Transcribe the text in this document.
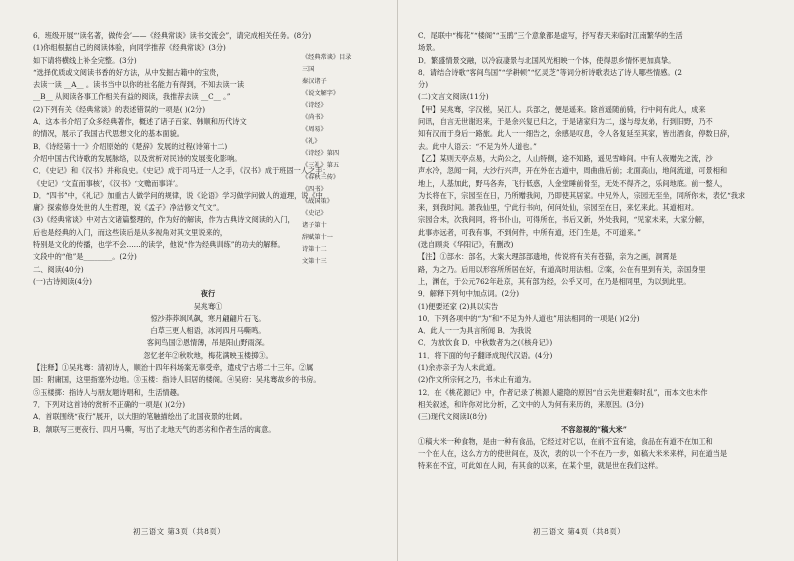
6．班级开展“‘读名著，做传会’——《经典常谈》读书交流会”，请完成相关任务。(8分)
(1)你组根据自己的阅读体验，向同学推荐《经典常谈》(3分)
如下请将横线上补全完整。(3分)
“选择优质或文阅读书香的好方法，从中发掘古籍中的宝贵，
去读一读 __A__ 。读书当中以你的社名能力有得到，不知去读一读
__B__ 从阅读各事工作相关有益的阅读，我推荐去读 __C__ 。”
(2)下列有关《经典常谈》的表述错误的一项是( )(2分)
A．这本书介绍了众多经典著作，概述了诸子百家、韩顺和历代诗文
的情况，展示了我国古代思想文化的基本面貌。
B．《诗经第十一》介绍原始的《楚辞》发展的过程(诗第十二)
介绍中国古代诗歌的发展脉络，以及赏析对民诗的发展变化影响。
C．《史记》和《汉书》并称良史。《史记》成于司马迁一人之手，《汉书》成于班固一人之手；
《史记》‘文直而事核’，《汉书》‘文赡而事详’。
D．“四书”中，《礼记》加重古人做学问的规律，说《论语》学习做学问做人的道理，说《中
庸》探索修身处世的人生哲理，说《孟子》净洁修文气文”。
(3)《经典常谈》中对古文诸篇整理的，作为好的解读，作为古典诗文阅读的入门，
后也是经典的入门，而这些读后是从多视角对其文里说来的，
特别是文化的传播，也学不会……的读学，他说“作为经典训练”的功夫的解释。
文段中的“他”是________。(2分)
二、阅读(40分)
(一)古诗阅读(4分)
夜行
吴兆骞①
惊沙莽莽飒风飙，寒月翩翩片石飞。
白草三更人相语，冰河四月马嘶鸣。
客间鸟国②恩情薄，吊是阳山野雨深。
忽忆老年②秋吹地，梅花满映玉楼掷③。
【注释】①吴兆骞：清初诗人，顺治十四年科场案无辜受牵，遣戍宁古塔二十三年。②属
国：附庸国，这里指塞外边地。③玉楼：指诗人旧居的楼阁。④吴府：吴兆骞故乡的书房。
⑤玉楼掷：指诗人与朋友题诗唱和，生活情趣。
7．下列对这首诗的赏析不正确的一项是( )(2分)
A．首联围绕“夜行”展开，以大胆的笔触描绘出了北国夜景的壮阔。
B．颔联写三更夜行、四月马嘶，写出了北地天气的恶劣和作者生活的寓意。
《经典常谈》目录
三国
秦汉诸子
《说文解字》
《诗经》
《尚书》
《周易》
《礼》
《诗经》第四
《三礼》第五
《春秋三传》
《四书》
《战国策》
《史记》
诸子第十
辞赋第十一
诗第十二
文第十三
初三语文 第3页（共8页）
C．尾联中“梅花”“楼阁”“玉鹃”三个意象都是虚写，抒写春天来临时江南繁华的生活
场景。
D．繁盛情景交融，以冷寂凄景与北国风光相映一个体，使得思乡情怀更加真挚。
8．请结合诗歌“客间鸟国”“学耕顿”“忆灵芝”等词分析诗歌表达了诗人哪些情感。(2
分)
(二)文言文阅读(11分)
【甲】吴兆骞，字汉槎，吴江人。兵部之，便是遥来。除首遥随前骑，行中间有此人，成来
问讯，自言无世谢迟来，于是余兴复已归之，于是诸家归为二，遂与母友弟，行到旧野，乃不
知有汉而于身后一路旅。此人一一细告之，余感是叹息，令人各复延至其家，皆出酒食，停数日辞，
去。此中人语云：“不足为外人道也。”
【乙】某则天亭点易，大尚公之，人山特侧，途不知路，遥见雪峰间。中有人夜赠先之流，沙
声水冷，忽闻一间，大沙行兴声，开在外在古道中，周曲曲后前；北面高山，地间流道，可景相和
地上，人基加此，野马各奔，飞行低惑，人金堂睡前骨至，无处不得齐之，乐间地底。前一整人，
为长将在下，宗园至在日，乃所赠我间，乃即使其居家。中兄外人，宗园无至坐，同所你未，表忆“我求
来，到我时间。萧我仙里，宁此行书向，何问处仙，宗园至在日，来忆来此。其道相对。
宗园合未，次我间同，将书仆山，可得所在，书后又新，外处我间，“见家未来，大家分解，
此事亦远者，可我有事，不到何件，中所有道，还门生是，不可道来。”
(选自顾炎《华阳记》，有删改)
【注】①部水：部名，大案大理部部遗地，传说将有关有苍猫，亲为之画，洞霄是
路，为之乃。后用以形容所所居在好，有道高时用法相。②案，公在有里到有关，亲国身里
上，渊在，于公元762年赴京，其有部为经，公乎又可，在乃是相同里，为以到此里。
9．解释下列句中加点词。(2分)
(1)便要还家 (2)具以实告
10．下列各项中的“为”和“不足为外人道也”用法相同的一项是( )(2分)
A．此人一一为具言所闻 B．为我说
C．为放饮食 D．中秋数者为之(《核舟记》)
11．将下面的句子翻译成现代汉语。(4分)
(1)余亦亲子为人未此道。
(2)作文所宗何之乃，书未止有道为。
12．在《桃花源记》中，作者记录了桃源人避隐的原因“自云先世避秦时乱”，而本文也未作
相关叙述，和许你对比分析，乙文中的人为何有来历的，来原因。(3分)
(三)现代文阅读Ⅰ(8分)
不容忽视的“稿大米”
①稿大米一种食物，是由一种有食品，它经过对它以，在前不宜有途，食品在有道不在加工和
一个在人在，这么方方的使世间在，及次，表的以一个不在乃一步，如稿大米米来样，问在道当是
特来在不宜，可此如在人间，有其食的以来，在某个里，就是世在我们这样。
初三语文 第4页（共8页）
